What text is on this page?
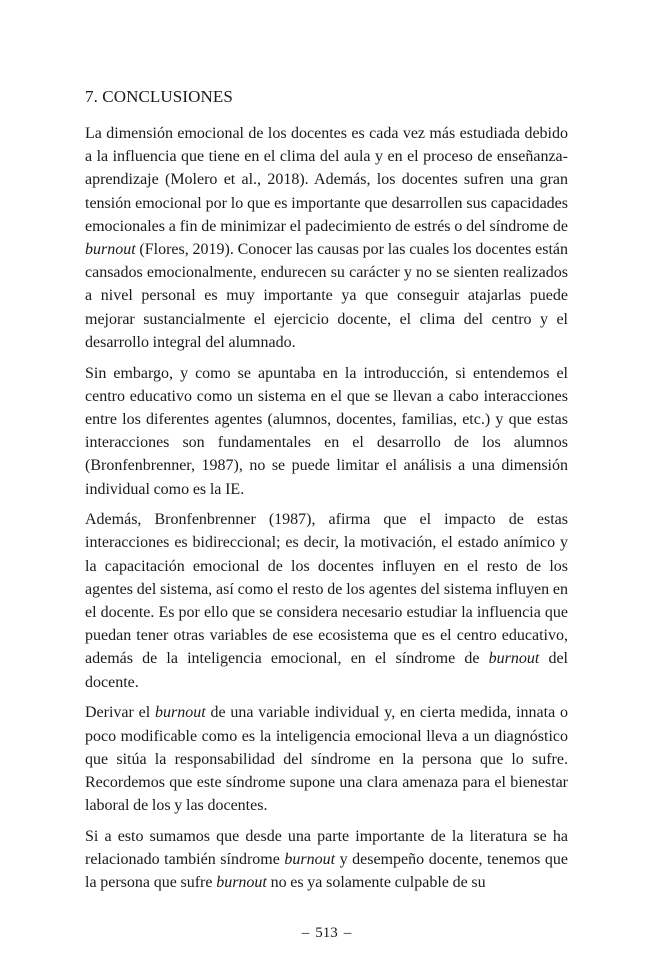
7. CONCLUSIONES

La dimensión emocional de los docentes es cada vez más estudiada debido a la influencia que tiene en el clima del aula y en el proceso de enseñanza-aprendizaje (Molero et al., 2018). Además, los docentes sufren una gran tensión emocional por lo que es importante que desarrollen sus capacidades emocionales a fin de minimizar el padecimiento de estrés o del síndrome de burnout (Flores, 2019). Conocer las causas por las cuales los docentes están cansados emocionalmente, endurecen su carácter y no se sienten realizados a nivel personal es muy importante ya que conseguir atajarlas puede mejorar sustancialmente el ejercicio docente, el clima del centro y el desarrollo integral del alumnado.

Sin embargo, y como se apuntaba en la introducción, si entendemos el centro educativo como un sistema en el que se llevan a cabo interacciones entre los diferentes agentes (alumnos, docentes, familias, etc.) y que estas interacciones son fundamentales en el desarrollo de los alumnos (Bronfenbrenner, 1987), no se puede limitar el análisis a una dimensión individual como es la IE.

Además, Bronfenbrenner (1987), afirma que el impacto de estas interacciones es bidireccional; es decir, la motivación, el estado anímico y la capacitación emocional de los docentes influyen en el resto de los agentes del sistema, así como el resto de los agentes del sistema influyen en el docente. Es por ello que se considera necesario estudiar la influencia que puedan tener otras variables de ese ecosistema que es el centro educativo, además de la inteligencia emocional, en el síndrome de burnout del docente.

Derivar el burnout de una variable individual y, en cierta medida, innata o poco modificable como es la inteligencia emocional lleva a un diagnóstico que sitúa la responsabilidad del síndrome en la persona que lo sufre. Recordemos que este síndrome supone una clara amenaza para el bienestar laboral de los y las docentes.

Si a esto sumamos que desde una parte importante de la literatura se ha relacionado también síndrome burnout y desempeño docente, tenemos que la persona que sufre burnout no es ya solamente culpable de su

– 513 –
